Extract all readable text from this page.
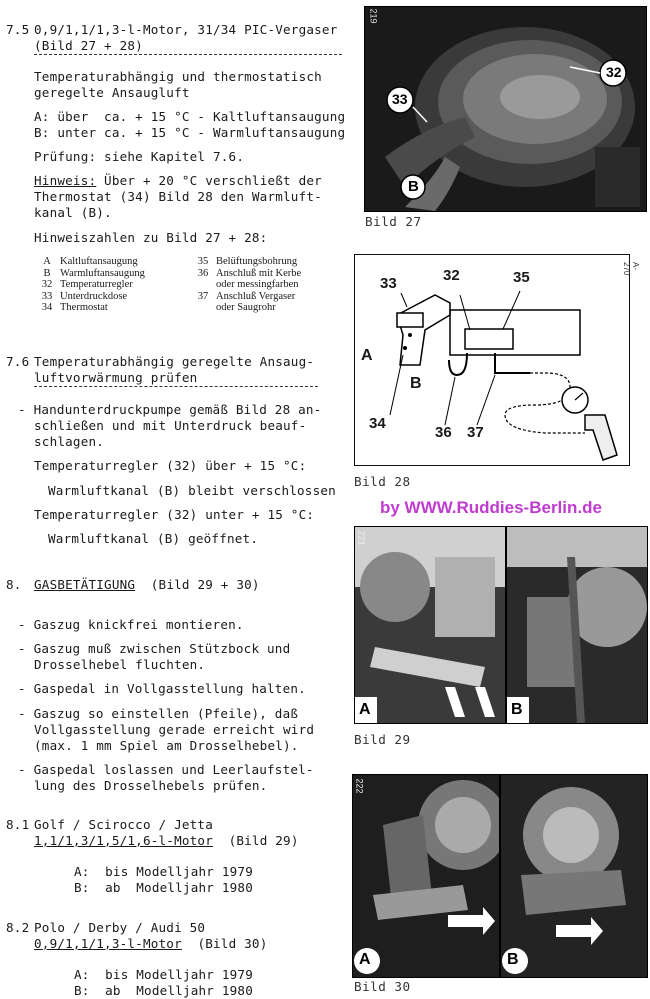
7.5 0,9/1,1/1,3-l-Motor, 31/34 PIC-Vergaser
(Bild 27 + 28)
Temperaturabhängig und thermostatisch
geregelte Ansaugluft
A: über  ca. + 15 °C - Kaltluftansaugung
B: unter ca. + 15 °C - Warmluftansaugung
Prüfung: siehe Kapitel 7.6.
Hinweis: Über + 20 °C verschließt der
Thermostat (34) Bild 28 den Warmluft-
kanal (B).
Hinweiszahlen zu Bild 27 + 28:
A Kaltluftansaugung
B Warmluftansaugung
32 Temperaturregler
33 Unterdruckdose
34 Thermostat
35 Belüftungsbohrung
36 Anschluß mit Kerbe
oder messingfarben
37 Anschluß Vergaser
oder Saugrohr
7.6 Temperaturabhängig geregelte Ansaug-
luftvorwärmung prüfen
- Handunterdruckpumpe gemäß Bild 28 an-
schließen und mit Unterdruck beauf-
schlagen.
Temperaturregler (32) über + 15 °C:
Warmluftkanal (B) bleibt verschlossen
Temperaturregler (32) unter + 15 °C:
Warmluftkanal (B) geöffnet.
8. GASBETÄTIGUNG (Bild 29 + 30)
- Gaszug knickfrei montieren.
- Gaszug muß zwischen Stützbock und
Drosselhebel fluchten.
- Gaspedal in Vollgasstellung halten.
- Gaszug so einstellen (Pfeile), daß
Vollgasstellung gerade erreicht wird
(max. 1 mm Spiel am Drosselhebel).
- Gaspedal loslassen und Leerlaufstel-
lung des Drosselhebels prüfen.
8.1 Golf / Scirocco / Jetta
1,1/1,3/1,5/1,6-l-Motor (Bild 29)
A:  bis Modelljahr 1979
B:  ab  Modelljahr 1980
8.2 Polo / Derby / Audi 50
0,9/1,1/1,3-l-Motor (Bild 30)
A:  bis Modelljahr 1979
B:  ab  Modelljahr 1980
32
33
B
219
Bild 27
33	32	35
A
B
34
36 37
A-270
Bild 28
by WWW.Ruddies-Berlin.de
A
221
B
Bild 29
A
222
B
Bild 30
